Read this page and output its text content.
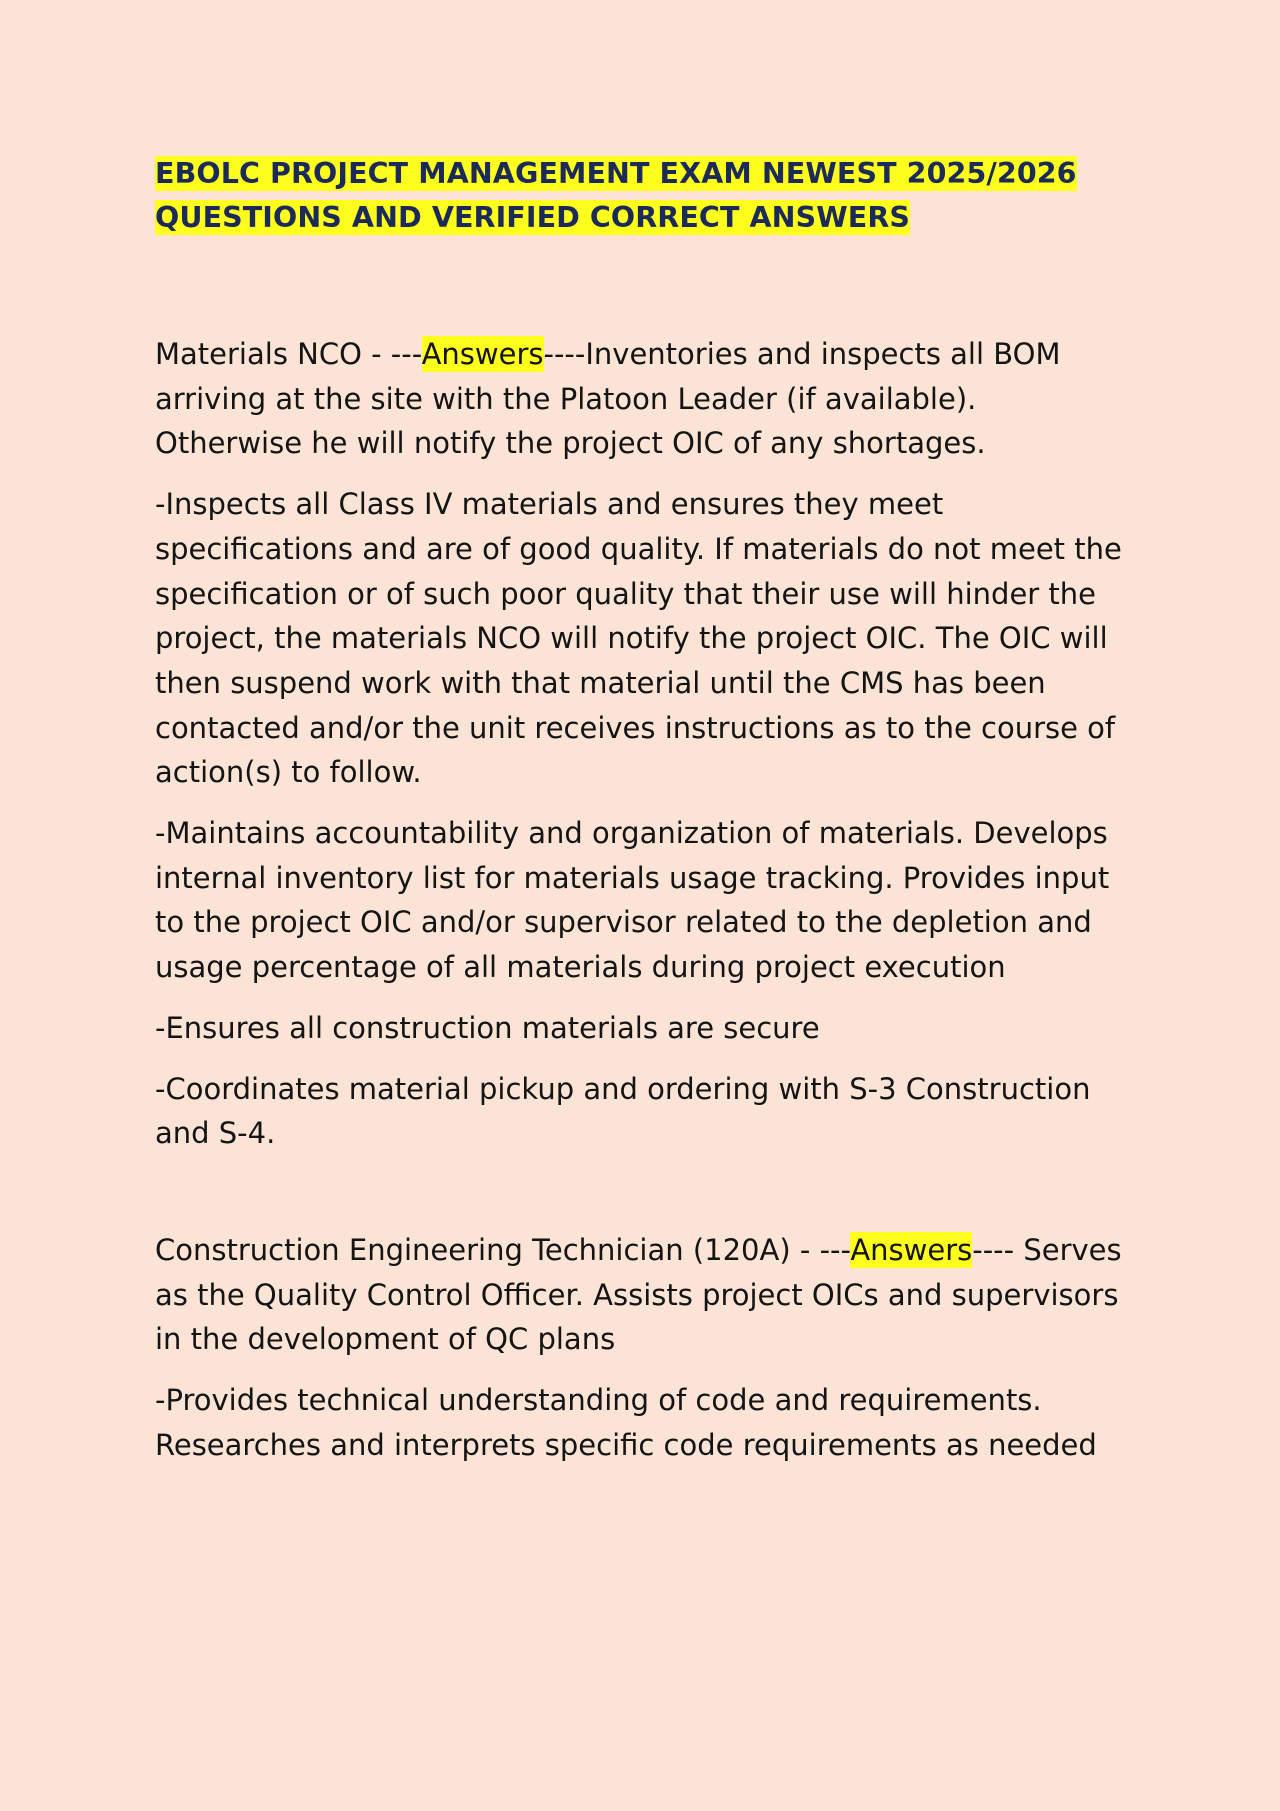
EBOLC PROJECT MANAGEMENT EXAM NEWEST 2025/2026
QUESTIONS AND VERIFIED CORRECT ANSWERS

Materials NCO - ---Answers----Inventories and inspects all BOM arriving at the site with the Platoon Leader (if available). Otherwise he will notify the project OIC of any shortages.

-Inspects all Class IV materials and ensures they meet specifications and are of good quality. If materials do not meet the specification or of such poor quality that their use will hinder the project, the materials NCO will notify the project OIC. The OIC will then suspend work with that material until the CMS has been contacted and/or the unit receives instructions as to the course of action(s) to follow.

-Maintains accountability and organization of materials. Develops internal inventory list for materials usage tracking. Provides input to the project OIC and/or supervisor related to the depletion and usage percentage of all materials during project execution

-Ensures all construction materials are secure

-Coordinates material pickup and ordering with S-3 Construction and S-4.

Construction Engineering Technician (120A) - ---Answers---- Serves as the Quality Control Officer. Assists project OICs and supervisors in the development of QC plans

-Provides technical understanding of code and requirements. Researches and interprets specific code requirements as needed
